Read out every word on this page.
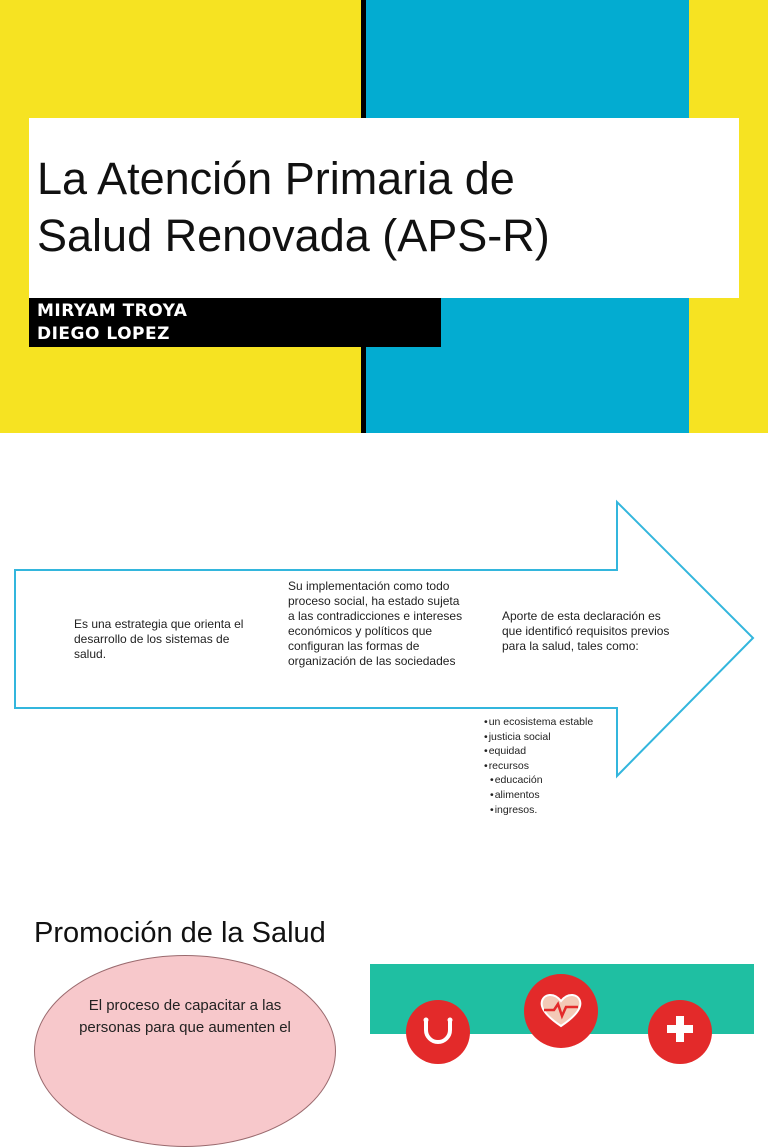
La Atención Primaria de
Salud Renovada (APS-R)
MIRYAM TROYA
DIEGO LOPEZ

Es una estrategia que orienta el desarrollo de los sistemas de salud.

Su implementación como todo proceso social, ha estado sujeta a las contradicciones e intereses económicos y políticos que configuran las formas de organización de las sociedades

Aporte de esta declaración es que identificó requisitos previos para la salud, tales como:

• un ecosistema estable
• justicia social
• equidad
• recursos
• educación
• alimentos
• ingresos.
Promoción de la Salud

El proceso de capacitar a las personas para que aumenten el
